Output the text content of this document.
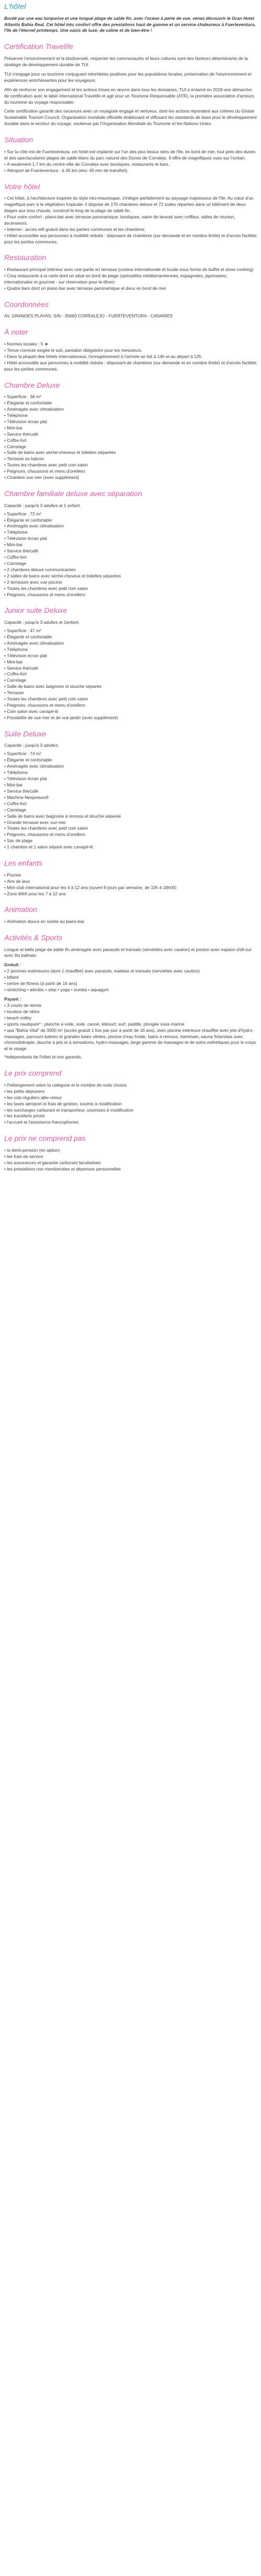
L'hôtel

Bordé par une eau turquoise et une longue plage de sable fin, avec l'océan à perte de vue, venez découvrir le Gran Hotel Atlantis Bahia Real. Cet hôtel très confort offre des prestations haut de gamme et un service chaleureux à Fuerteventura, l'île de l'éternel printemps. Une oasis de luxe, de calme et de bien-être !

Certification Travelife

Préserver l'environnement et la biodiversité, respecter les communautés et leurs cultures sont des facteurs déterminants de la stratégie de développement durable de TUI.

TUI s'engage pour un tourisme conjuguant retombées positives pour les populations locales, préservation de l'environnement et expériences enrichissantes pour les voyageurs.

Afin de renforcer son engagement et les actions mises en œuvre dans tous les domaines, TUI a entamé en 2018 une démarche de certification avec le label international Travelife et agit pour un Tourisme Responsable (ATR), la première association d'acteurs du tourisme du voyage responsable.

Cette certification garantit des vacances avec un voyagiste engagé et vertueux, dont les actions répondent aux critères du Global Sustainable Tourism Council. Organisation mondiale officielle établissant et diffusant les standards de base pour le développement durable dans le secteur du voyage, soutenue par l'Organisation Mondiale du Tourisme et les Nations Unies.

Situation
• Sur la côte est de Fuerteventura, cet hôtel est implanté sur l'un des plus beaux sites de l'île, en bord de mer, tout près des dunes et des spectaculaires plages de sable blanc du parc naturel des Dunes de Corralejo. Il offre de magnifiques vues sur l'océan.
• A seulement 1,7 km du centre-ville de Corralejo avec boutiques, restaurants et bars.
• Aéroport de Fuerteventura : à 35 km (env. 45 min de transfert).
Votre hôtel
• Cet hôtel, à l'architecture inspirée du style néo-mauresque, s'intègre parfaitement au paysage majestueux de l'île. Au cœur d'un magnifique parc à la végétation tropicale, il dispose de 170 chambres deluxe et 72 suites réparties dans un bâtiment de deux étages aux tons chauds, construit le long de la plage de sable fin.
• Pour votre confort : piano-bar avec terrasse panoramique, boutiques, salon de beauté avec coiffeur, salles de réunion, ascenseurs.
• Internet : accès wifi gratuit dans les parties communes et les chambres.
• Hôtel accessible aux personnes à mobilité réduite : disposant de chambres (sur demande et en nombre limité) et d'accès facilités pour les parties communes.
Restauration
• Restaurant principal intérieur avec une partie en terrasse (cuisine internationale et locale sous forme de buffet et show cooking)
• Cinq restaurants à la carte dont un situé en bord de plage (spécialités méditerranéennes, espagnoles, japonaises, internationales et gourmet - sur réservation pour le dîner)
• Quatre bars dont un piano-bar avec terrasse panoramique et deux en bord de mer
Coordonnées

AV. GRANDES PLAYAS, S/N - 35660 CORRALEJO - FUERTEVENTURA - CANARIES

À noter
• Normes locales : 5 ★
• Tenue correcte exigée le soir, pantalon obligatoire pour les messieurs.
• Dans la plupart des hôtels internationaux, l'enregistrement à l'arrivée se fait à 14h et au départ à 12h.
• Hôtel accessible aux personnes à mobilité réduite : disposant de chambres (sur demande et en nombre limité) et d'accès facilités pour les parties communes.
Chambre Deluxe
• Superficie : 36 m²
• Élégante et confortable
• Aménagée avec climatisation
• Téléphone
• Télévision écran plat
• Mini-bar
• Service thé/café
• Coffre-fort
• Carrelage
• Salle de bains avec sèche-cheveux et toilettes séparées
• Terrasse ou balcon
• Toutes les chambres avec petit coin salon
• Peignoirs, chaussons et menu d'oreillers
• Chambre vue mer (avec supplément)
Chambre familiale deluxe avec séparation

Capacité : jusqu'à 3 adultes et 1 enfant.

• Superficie : 72 m²
• Élégante et confortable
• Aménagée avec climatisation
• Téléphone
• Télévision écran plat
• Mini-bar
• Service thé/café
• Coffre-fort
• Carrelage
• 2 chambres deluxe communicantes
• 2 salles de bains avec sèche-cheveux et toilettes séparées
• 2 terrasses avec vue piscine
• Toutes les chambres avec petit coin salon
• Peignoirs, chaussons et menu d'oreillers
Junior suite Deluxe

Capacité : jusqu'à 3 adultes et 1enfant.

• Superficie : 47 m²
• Élégante et confortable
• Aménagée avec climatisation
• Téléphone
• Télévision écran plat
• Mini-bar
• Service thé/café
• Coffre-fort
• Carrelage
• Salle de bains avec baignoire et douche séparée
• Terrasse
• Toutes les chambres avec petit coin salon
• Peignoirs, chaussons et menu d'oreillers
• Coin salon avec canapé-lit
• Possibilité de vue mer et de vue jardin (avec supplément)
Suite Deluxe

Capacité : jusqu'à 3 adultes.

• Superficie : 74 m²
• Élégante et confortable
• Aménagée avec climatisation
• Téléphone
• Télévision écran plat
• Mini-bar
• Service thé/café
• Machine Nespresso®
• Coffre-fort
• Carrelage
• Salle de bains avec baignoire à remous et douche séparée
• Grande terrasse avec vue mer
• Toutes les chambres avec petit coin salon
• Peignoirs, chaussons et menu d'oreillers
• Sac de plage
• 1 chambre et 1 salon séparé avec canapé-lit
Les enfants
• Piscine
• Aire de jeux
• Mini-club international pour les 4 à 12 ans (ouvert 6 jours par semaine, de 10h à 18h00)
• Zone Wii® pour les 7 à 12 ans
Animation
• Animation douce en soirée au piano-bar
Activités & Sports

Longue et belle plage de sable fin aménagée avec parasols et transats (serviettes avec caution) et ponton avec espace chill-out avec lits balinais.

Gratuit :

• 2 piscines extérieures (dont 1 chauffée) avec parasols, matelas et transats (serviettes avec caution)
• billard
• centre de fitness (à partir de 16 ans)
• stretching • aérobic • step • yoga • zumba • aquagym

Payant :

• 3 courts de tennis
• location de vélos
• beach-volley
• sports nautiques* : planche à voile, voile, canoë, kitesurf, surf, paddle, plongée sous-marine
• spa "Bahía Vital" de 3000 m² (accès gratuit 1 fois par jour à partir de 16 ans), avec piscine intérieure chauffée avec jets d'hydro-massages, parcours balnéo et grandes baies vitrées, piscine d'eau froide, bains à remous, hammam, sauna finlandais avec chromothérapie, douche à jets et à sensations, hydro-massages, large gamme de massages et de soins esthétiques pour le corps et le visage

*indépendants de l'hôtel et non garantis.

Le prix comprend
• l'hébergement selon la catégorie et le nombre de nuits choisis
• les petits déjeuners
• les vols réguliers aller-retour
• les taxes aéroport et frais de gestion, soumis à modification
• les surcharges carburant et transporteur, soumises à modification
• les transferts privés
• l'accueil et l'assistance francophones
Le prix ne comprend pas
• la demi-pension (en option)
• les frais de service
• les assurances et garantie carburant facultatives
• les prestations non mentionnées et dépenses personnelles
